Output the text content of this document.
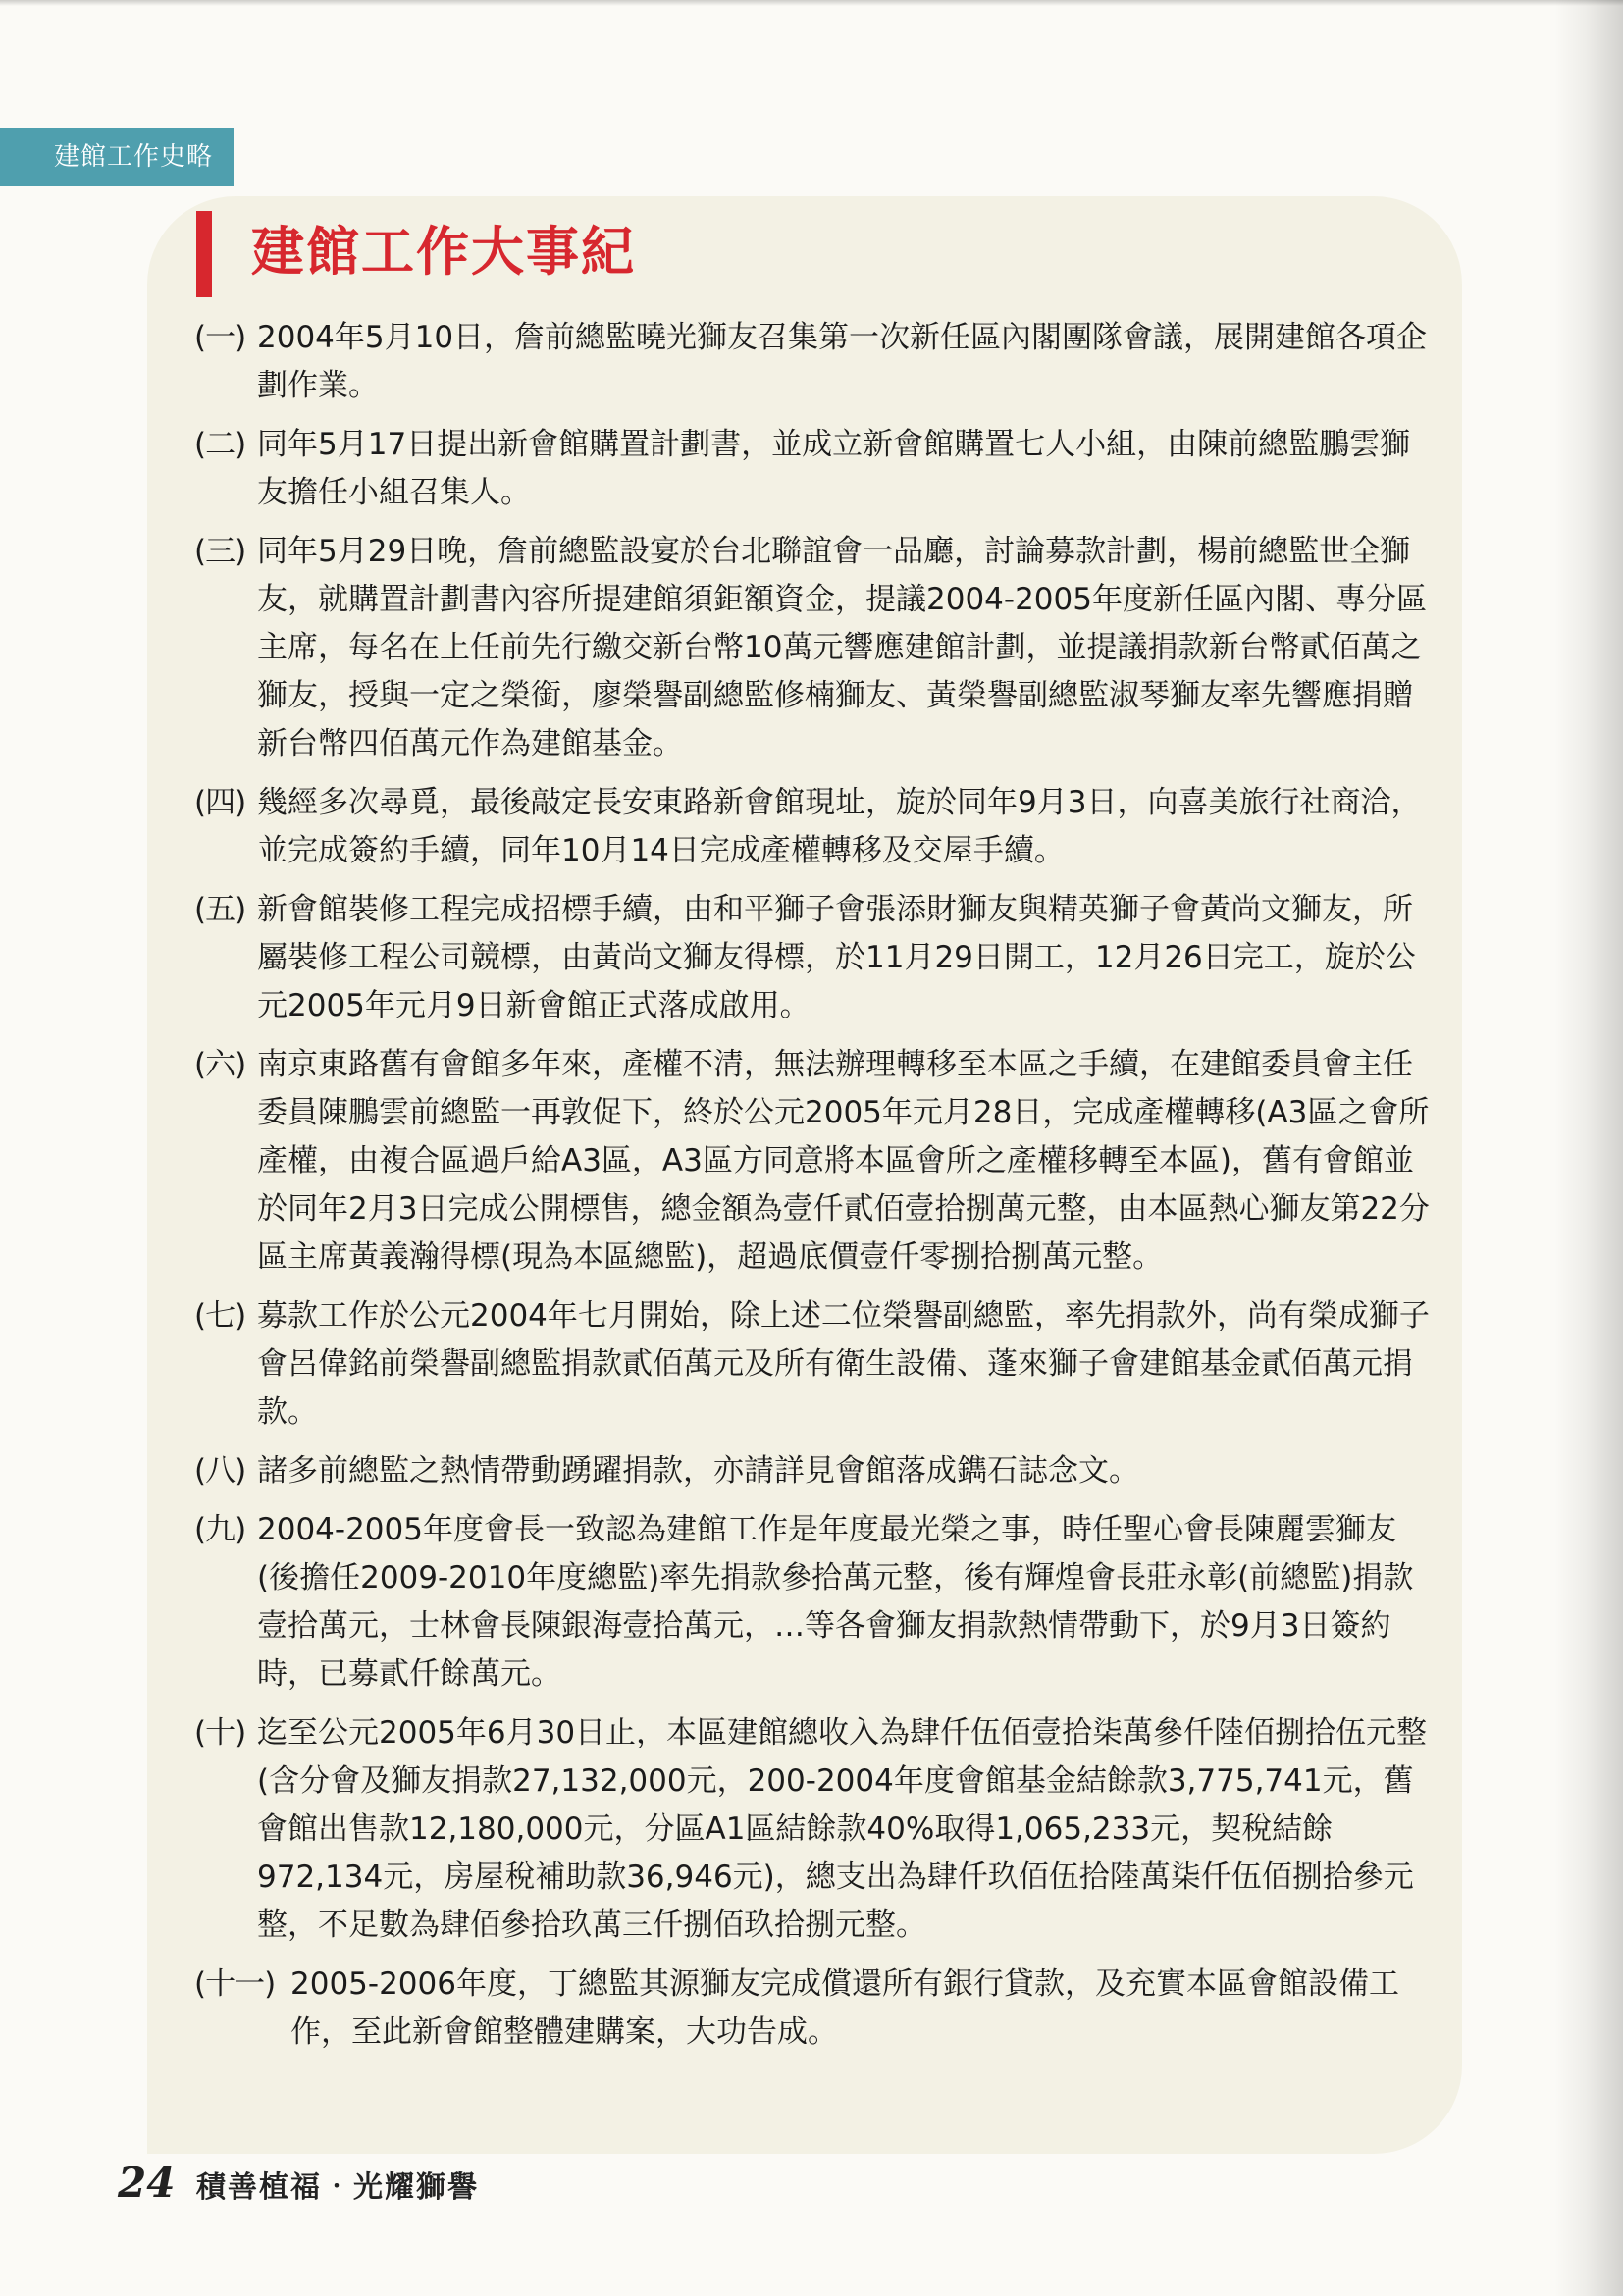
建館工作史略
建館工作大事紀
(一) 2004年5月10日，詹前總監曉光獅友召集第一次新任區內閣團隊會議，展開建館各項企劃作業。
(二) 同年5月17日提出新會館購置計劃書，並成立新會館購置七人小組，由陳前總監鵬雲獅友擔任小組召集人。
(三) 同年5月29日晚，詹前總監設宴於台北聯誼會一品廳，討論募款計劃，楊前總監世全獅友，就購置計劃書內容所提建館須鉅額資金，提議2004-2005年度新任區內閣、專分區主席，每名在上任前先行繳交新台幣10萬元響應建館計劃，並提議捐款新台幣貳佰萬之獅友，授與一定之榮銜，廖榮譽副總監修楠獅友、黃榮譽副總監淑琴獅友率先響應捐贈新台幣四佰萬元作為建館基金。
(四) 幾經多次尋覓，最後敲定長安東路新會館現址，旋於同年9月3日，向喜美旅行社商洽，並完成簽約手續，同年10月14日完成產權轉移及交屋手續。
(五) 新會館裝修工程完成招標手續，由和平獅子會張添財獅友與精英獅子會黃尚文獅友，所屬裝修工程公司競標，由黃尚文獅友得標，於11月29日開工，12月26日完工，旋於公元2005年元月9日新會館正式落成啟用。
(六) 南京東路舊有會館多年來，產權不清，無法辦理轉移至本區之手續，在建館委員會主任委員陳鵬雲前總監一再敦促下，終於公元2005年元月28日，完成產權轉移(A3區之會所產權，由複合區過戶給A3區，A3區方同意將本區會所之產權移轉至本區)，舊有會館並於同年2月3日完成公開標售，總金額為壹仟貳佰壹拾捌萬元整，由本區熱心獅友第22分區主席黃義瀚得標(現為本區總監)，超過底價壹仟零捌拾捌萬元整。
(七) 募款工作於公元2004年七月開始，除上述二位榮譽副總監，率先捐款外，尚有榮成獅子會呂偉銘前榮譽副總監捐款貳佰萬元及所有衛生設備、蓬來獅子會建館基金貳佰萬元捐款。
(八) 諸多前總監之熱情帶動踴躍捐款，亦請詳見會館落成鐫石誌念文。
(九) 2004-2005年度會長一致認為建館工作是年度最光榮之事，時任聖心會長陳麗雲獅友(後擔任2009-2010年度總監)率先捐款參拾萬元整，後有輝煌會長莊永彰(前總監)捐款壹拾萬元，士林會長陳銀海壹拾萬元，…等各會獅友捐款熱情帶動下，於9月3日簽約時，已募貳仟餘萬元。
(十) 迄至公元2005年6月30日止，本區建館總收入為肆仟伍佰壹拾柒萬參仟陸佰捌拾伍元整(含分會及獅友捐款27,132,000元，200-2004年度會館基金結餘款3,775,741元，舊會館出售款12,180,000元，分區A1區結餘款40%取得1,065,233元，契稅結餘972,134元，房屋稅補助款36,946元)，總支出為肆仟玖佰伍拾陸萬柒仟伍佰捌拾參元整，不足數為肆佰參拾玖萬三仟捌佰玖拾捌元整。
(十一) 2005-2006年度，丁總監其源獅友完成償還所有銀行貸款，及充實本區會館設備工作，至此新會館整體建購案，大功告成。
24 積善植福‧光耀獅譽
